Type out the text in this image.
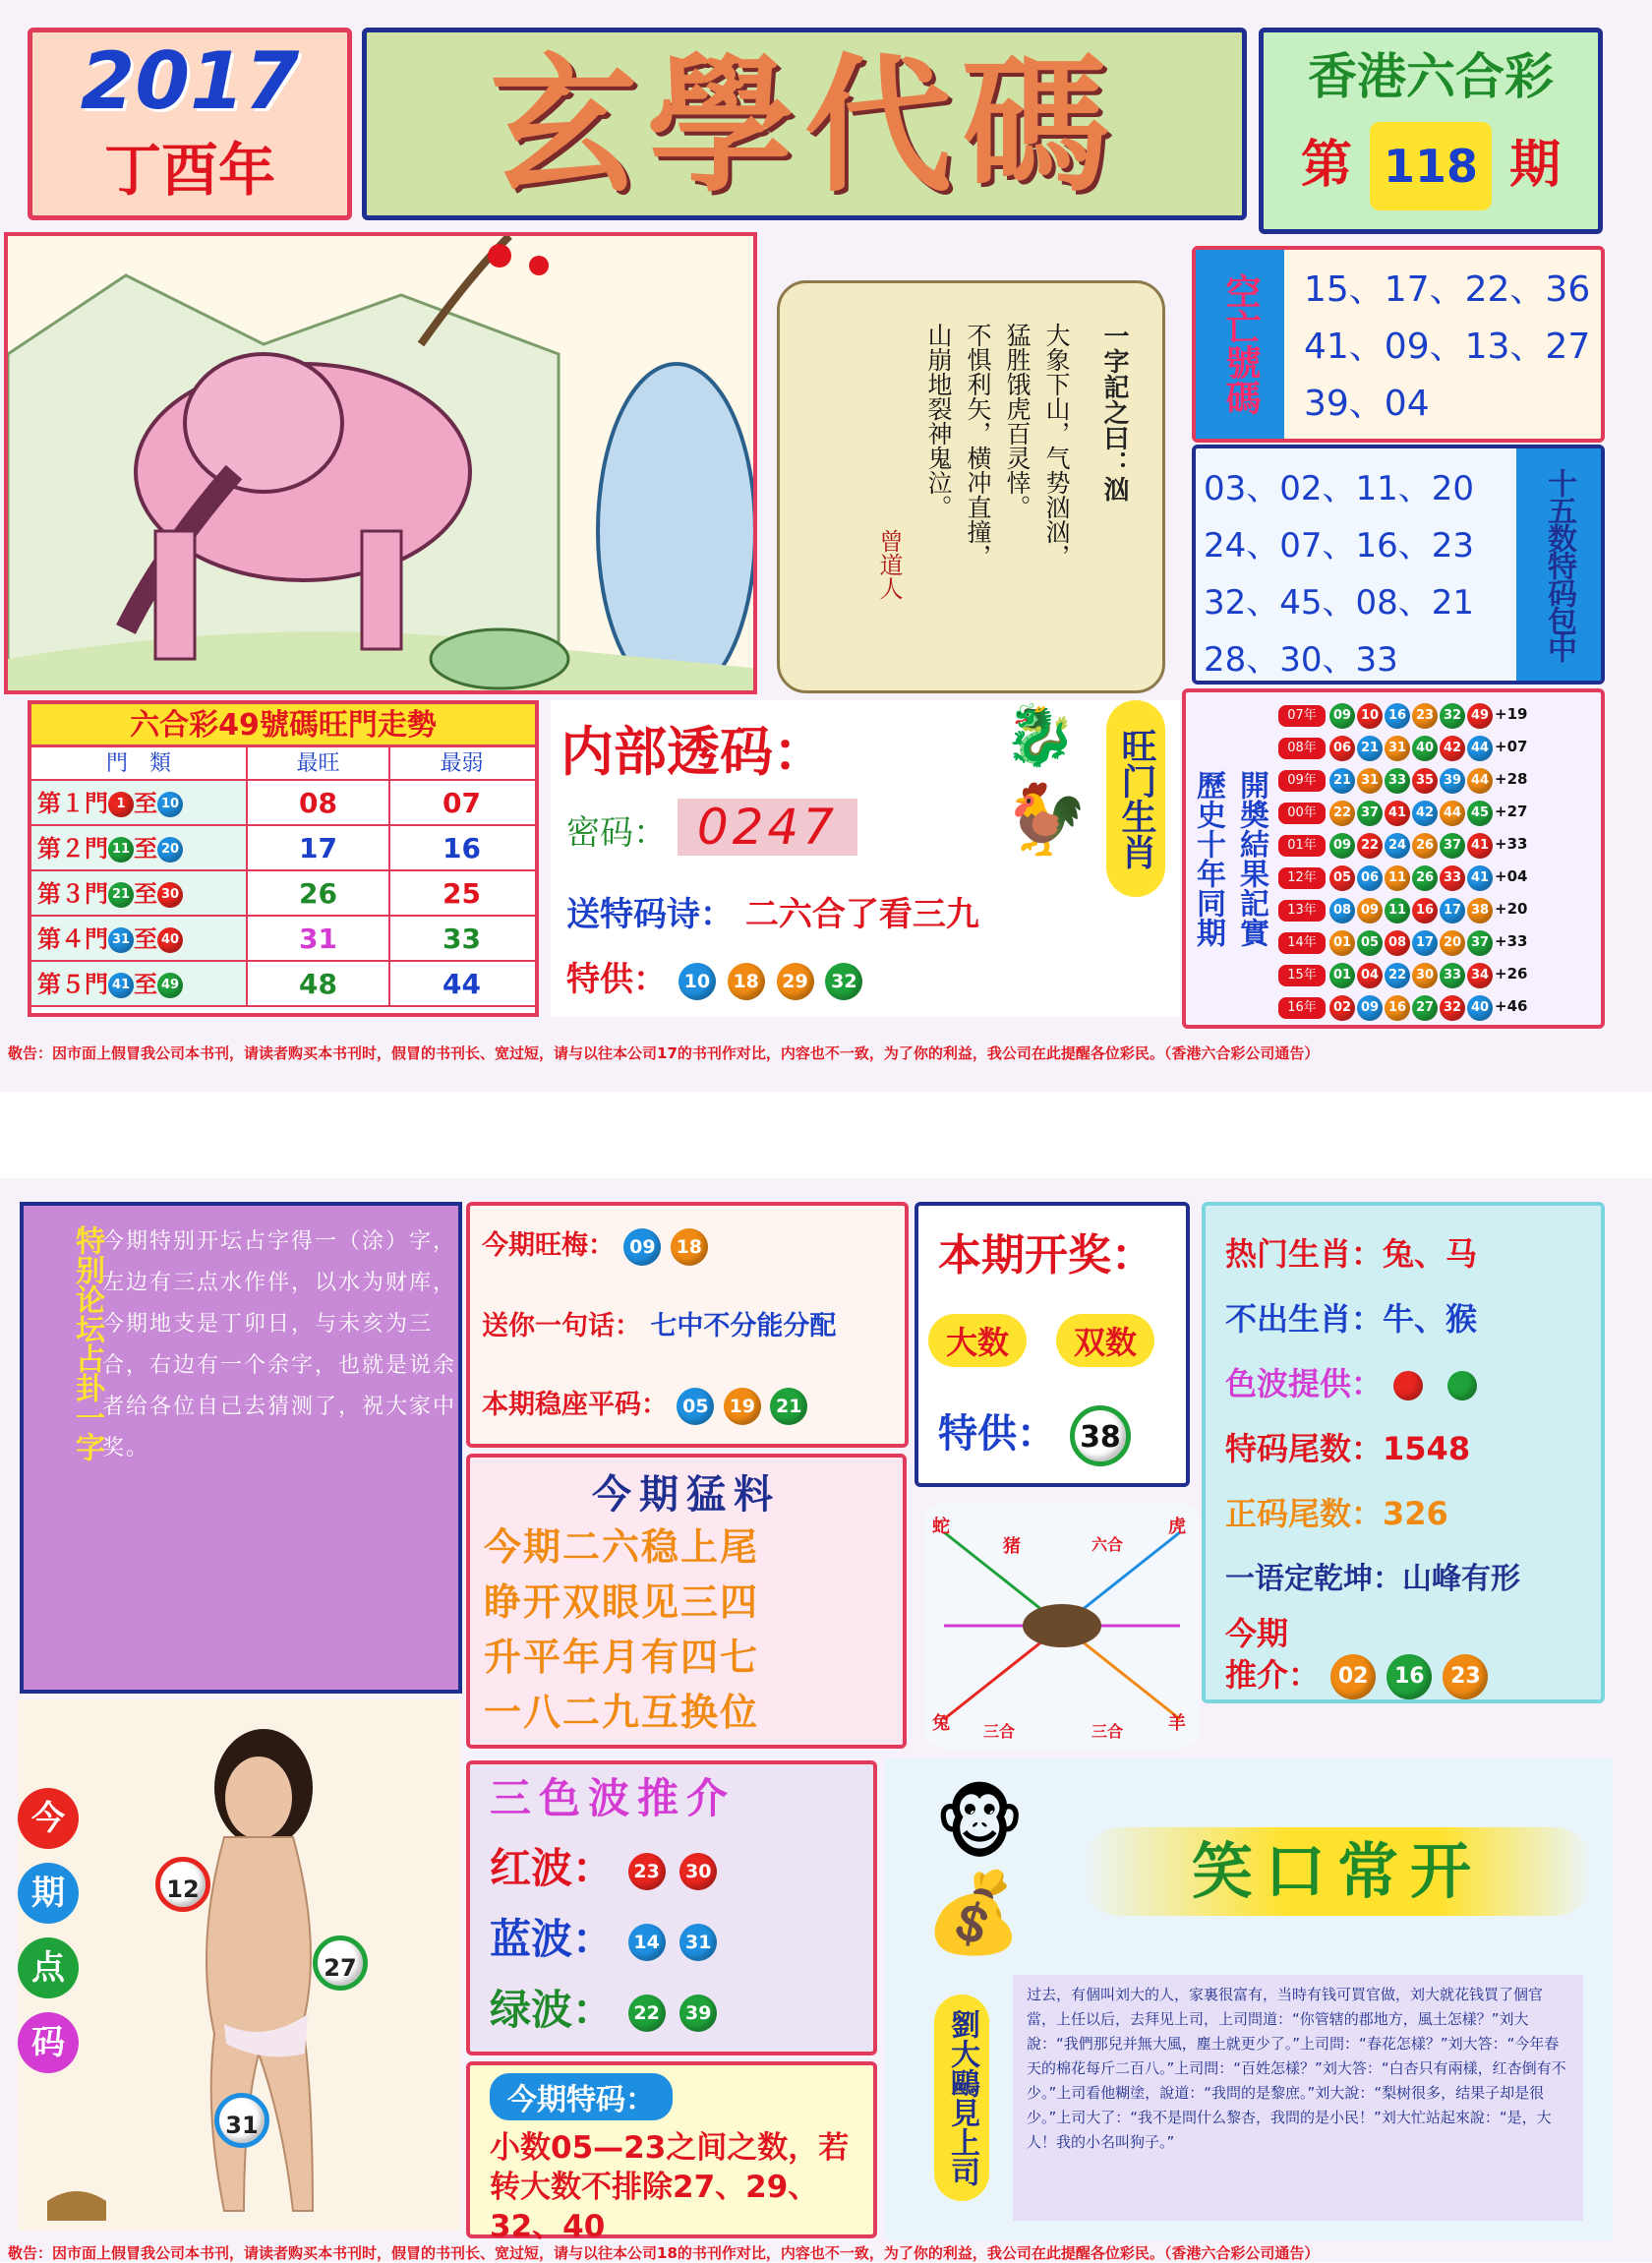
2017
丁酉年	玄學代碼	香港六合彩
第 118 期
一字記之曰：汹
大象下山，气势汹汹，
猛胜饿虎百灵悻。
不惧利矢，横冲直撞，
山崩地裂神鬼泣。
曾道人
空亡號碼	15、17、22、36
41、09、13、27
39、04
03、02、11、20
24、07、16、23
32、45、08、21
28、30、33	十五数特码包中
六合彩49號碼旺門走勢
門　類	最旺	最弱
第１門 1 至 10	08	07
第２門 11 至 20	17	16
第３門 21 至 30	26	25
第４門 31 至 40	31	33
第５門 41 至 49	48	44
内部透码：
密码： 0247
送特码诗： 二六合了看三九
特供： 10 18 29 32
🐉
🐓 旺门生肖	歷史十年同期 開奬結果記實
07年 09 10 16 23 32 49 +19
08年 06 21 31 40 42 44 +07
09年 21 31 33 35 39 44 +28
00年 22 37 41 42 44 45 +27
01年 09 22 24 26 37 41 +33
12年 05 06 11 26 33 41 +04
13年 08 09 11 16 17 38 +20
14年 01 05 08 17 20 37 +33
15年 01 04 22 30 33 34 +26
16年 02 09 16 27 32 40 +46
敬告：因市面上假冒我公司本书刊，请读者购买本书刊时，假冒的书刊长、宽过短，请与以往本公司17的书刊作对比，内容也不一致，为了你的利益，我公司在此提醒各位彩民。（香港六合彩公司通告）
特别论坛占卦一字
今期特别开坛占字得一（涂）字，左边有三点水作伴，以水为财库，今期地支是丁卯日，与未亥为三合，右边有一个余字，也就是说余者给各位自己去猜测了，祝大家中奖。
12
27
31
今
期
点
码
今期旺梅： 09 18
送你一句话： 七中不分能分配
本期稳座平码： 05 19 21
本期开奖：
大数	双数
特供： 38
热门生肖：兔、马
不出生肖：牛、猴
色波提供：
特码尾数：1548
正码尾数：326
一语定乾坤：山峰有形
今期
推介： 02 16 23
今期猛料
今期二六稳上尾
睁开双眼见三四
升平年月有四七
一八二九互换位
蛇
猪	六合
虎
兔 三合	三合	羊
三色波推介
红波： 23 30
蓝波： 14 31
绿波： 22 39
今期特码：
小数05—23之间之数，若转大数不排除27、29、32、40
🐵
💰	笑口常开
劉大鷗見上司
过去，有個叫刘大的人，家裏很富有，当時有钱可買官做，刘大就花钱買了個官當，上任以后，去拜见上司，上司問道：“你管辖的郡地方，風土怎樣？”刘大說：“我們那兒并無大風，塵土就更少了。”上司問：“春花怎樣？”刘大答：“今年春天的棉花每斤二百八。”上司問：“百姓怎樣？”刘大答：“白杏只有兩樣，红杏倒有不少。”上司看他糊塗，說道：“我問的是黎庶。”刘大說：“梨树很多，结果子却是很少。”上司大了：“我不是問什么黎杏，我問的是小民！”刘大忙站起來說：“是，大人！我的小名叫狗子。”
敬告：因市面上假冒我公司本书刊，请读者购买本书刊时，假冒的书刊长、宽过短，请与以往本公司18的书刊作对比，内容也不一致，为了你的利益，我公司在此提醒各位彩民。（香港六合彩公司通告）
